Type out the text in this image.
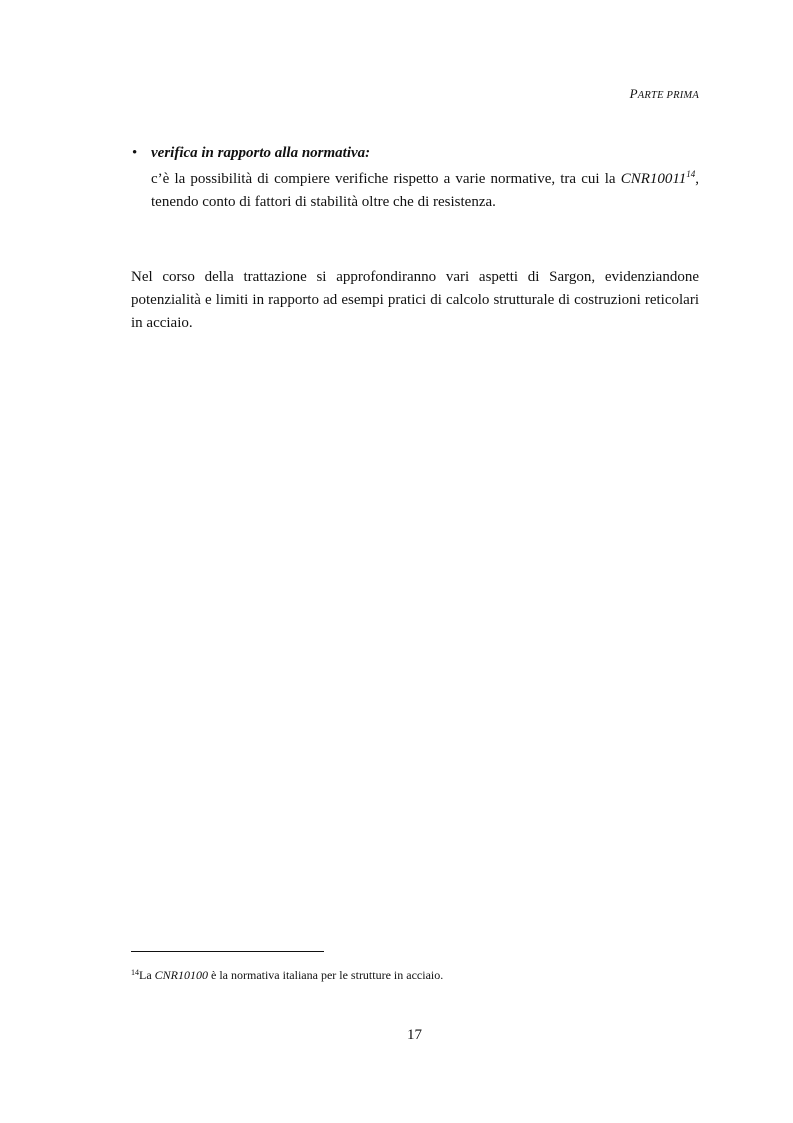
PARTE PRIMA
• verifica in rapporto alla normativa:
c’è la possibilità di compiere verifiche rispetto a varie normative, tra cui la CNR10011$^{14}$, tenendo conto di fattori di stabilità oltre che di resistenza.
Nel corso della trattazione si approfondiranno vari aspetti di Sargon, evidenziandone potenzialità e limiti in rapporto ad esempi pratici di calcolo strutturale di costruzioni reticolari in acciaio.
$^{14}$La CNR10100 è la normativa italiana per le strutture in acciaio.
17
